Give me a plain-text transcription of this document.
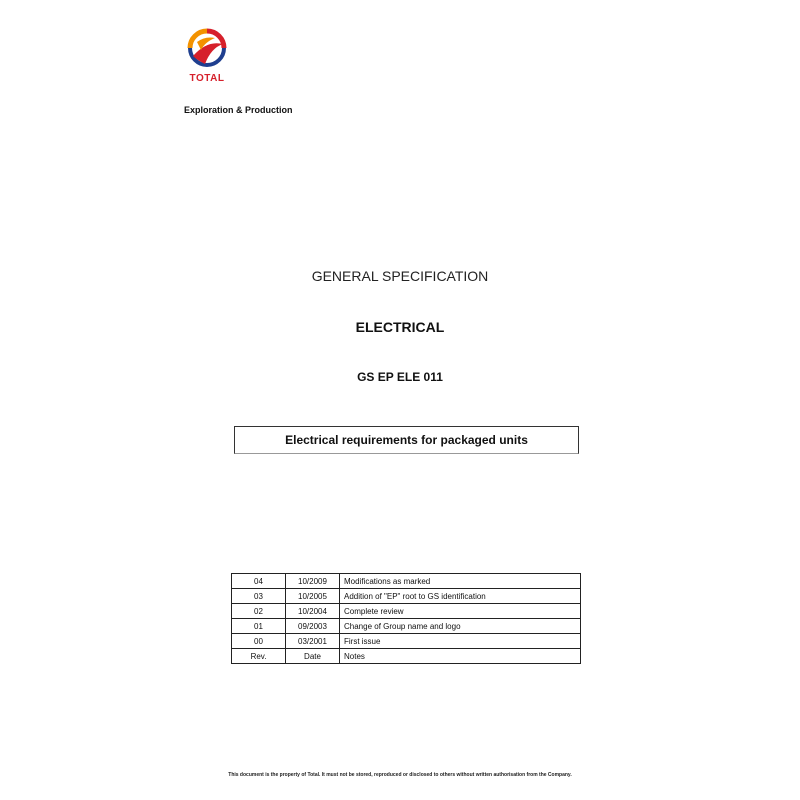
TOTAL
Exploration & Production
GENERAL SPECIFICATION
ELECTRICAL
GS EP ELE 011
Electrical requirements for packaged units
04	10/2009	Modifications as marked
03	10/2005	Addition of "EP" root to GS identification
02	10/2004	Complete review
01	09/2003	Change of Group name and logo
00	03/2001	First issue
Rev.	Date	Notes
This document is the property of Total. It must not be stored, reproduced or disclosed to others without written authorisation from the Company.
